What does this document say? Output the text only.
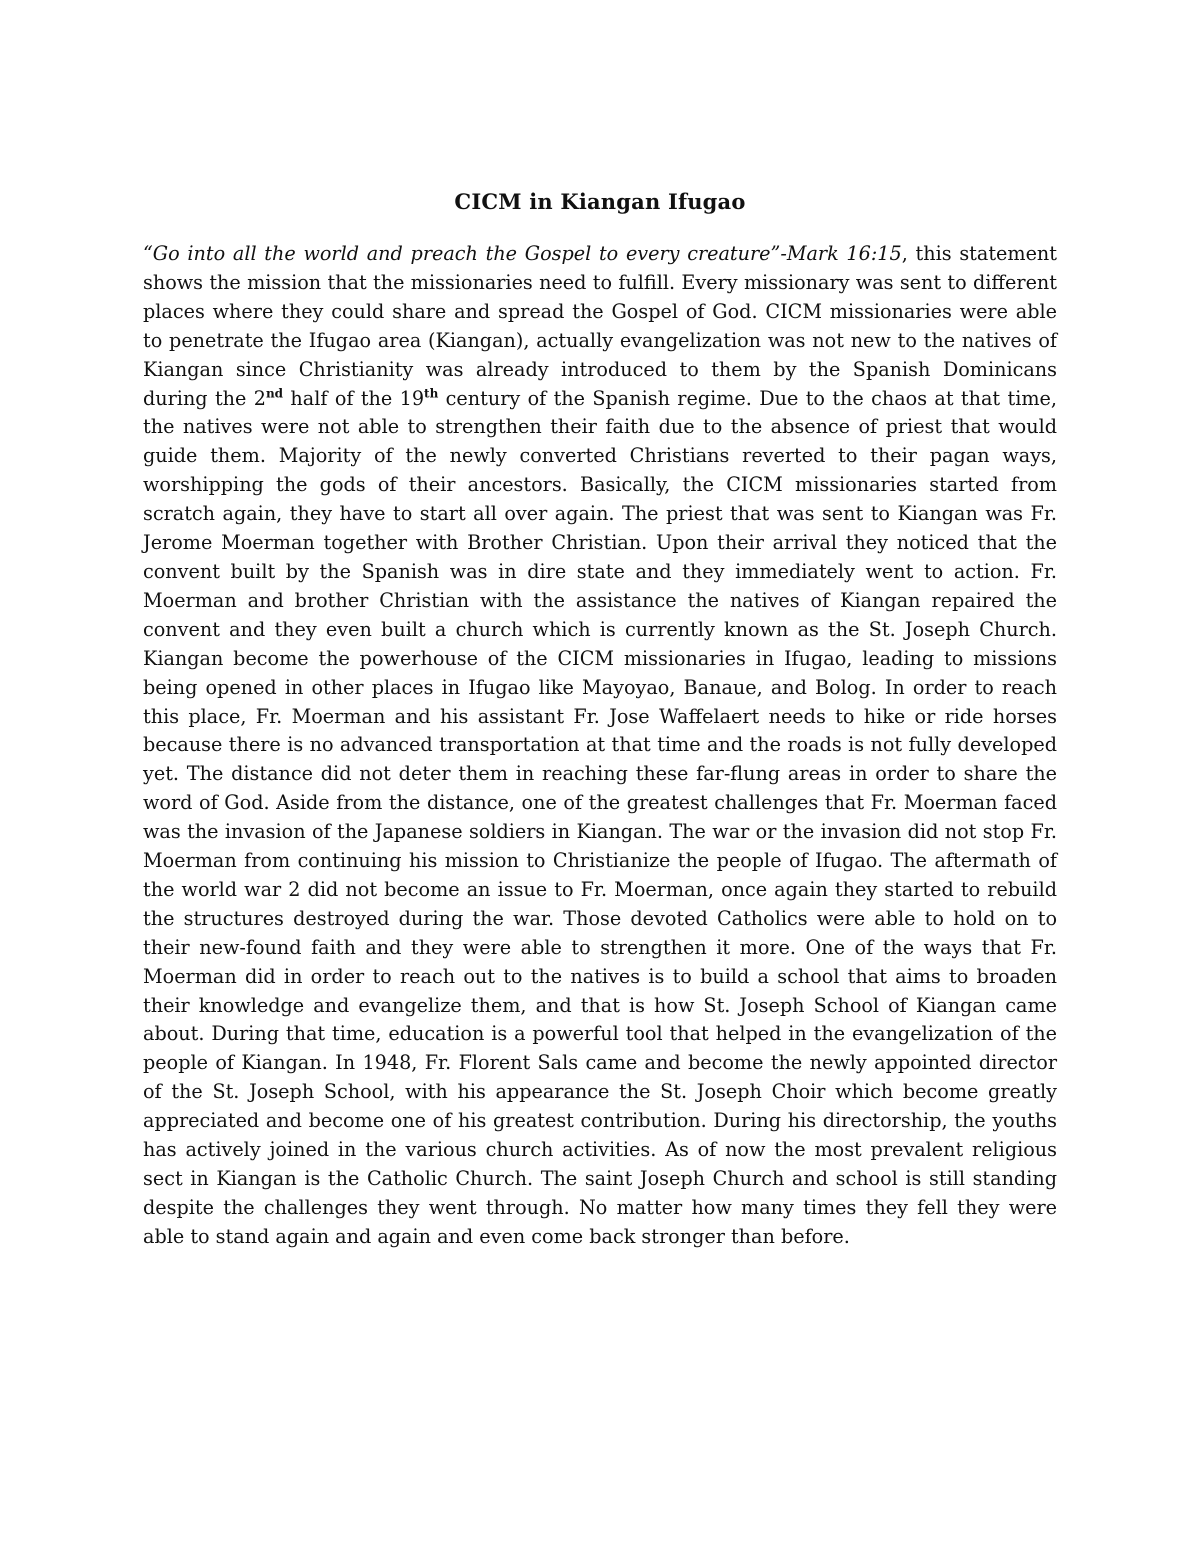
CICM in Kiangan Ifugao

“Go into all the world and preach the Gospel to every creature”-Mark 16:15, this statement shows the mission that the missionaries need to fulfill. Every missionary was sent to different places where they could share and spread the Gospel of God. CICM missionaries were able to penetrate the Ifugao area (Kiangan), actually evangelization was not new to the natives of Kiangan since Christianity was already introduced to them by the Spanish Dominicans during the 2nd half of the 19th century of the Spanish regime. Due to the chaos at that time, the natives were not able to strengthen their faith due to the absence of priest that would guide them. Majority of the newly converted Christians reverted to their pagan ways, worshipping the gods of their ancestors. Basically, the CICM missionaries started from scratch again, they have to start all over again. The priest that was sent to Kiangan was Fr. Jerome Moerman together with Brother Christian. Upon their arrival they noticed that the convent built by the Spanish was in dire state and they immediately went to action. Fr. Moerman and brother Christian with the assistance the natives of Kiangan repaired the convent and they even built a church which is currently known as the St. Joseph Church. Kiangan become the powerhouse of the CICM missionaries in Ifugao, leading to missions being opened in other places in Ifugao like Mayoyao, Banaue, and Bolog. In order to reach this place, Fr. Moerman and his assistant Fr. Jose Waffelaert needs to hike or ride horses because there is no advanced transportation at that time and the roads is not fully developed yet. The distance did not deter them in reaching these far-flung areas in order to share the word of God. Aside from the distance, one of the greatest challenges that Fr. Moerman faced was the invasion of the Japanese soldiers in Kiangan. The war or the invasion did not stop Fr. Moerman from continuing his mission to Christianize the people of Ifugao. The aftermath of the world war 2 did not become an issue to Fr. Moerman, once again they started to rebuild the structures destroyed during the war. Those devoted Catholics were able to hold on to their new-found faith and they were able to strengthen it more. One of the ways that Fr. Moerman did in order to reach out to the natives is to build a school that aims to broaden their knowledge and evangelize them, and that is how St. Joseph School of Kiangan came about. During that time, education is a powerful tool that helped in the evangelization of the people of Kiangan. In 1948, Fr. Florent Sals came and become the newly appointed director of the St. Joseph School, with his appearance the St. Joseph Choir which become greatly appreciated and become one of his greatest contribution. During his directorship, the youths has actively joined in the various church activities. As of now the most prevalent religious sect in Kiangan is the Catholic Church. The saint Joseph Church and school is still standing despite the challenges they went through. No matter how many times they fell they were able to stand again and again and even come back stronger than before.
